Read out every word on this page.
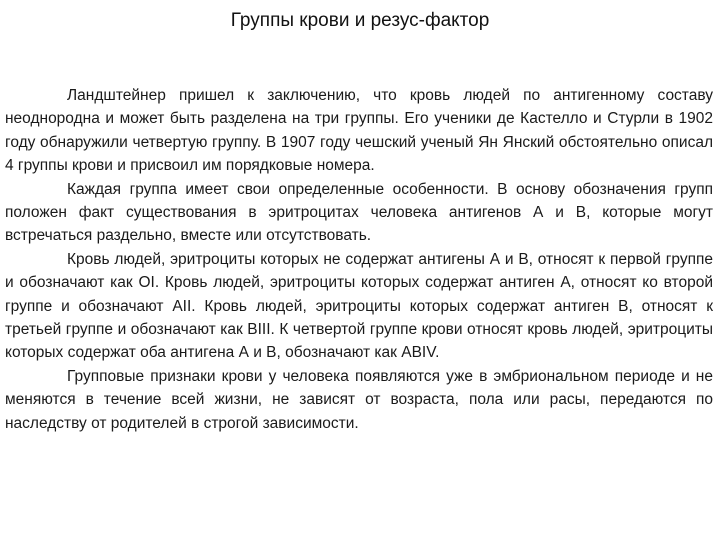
Группы крови и резус-фактор

Ландштейнер пришел к заключению, что кровь людей по антигенному составу неоднородна и может быть разделена на три группы. Его ученики де Кастелло и Стурли в 1902 году обнаружили четвертую группу. В 1907 году чешский ученый Ян Янский обстоятельно описал 4 группы крови и присвоил им порядковые номера.

Каждая группа имеет свои определенные особенности. В основу обозначения групп положен факт существования в эритроцитах человека антигенов А и В, которые могут встречаться раздельно, вместе или отсутствовать.

Кровь людей, эритроциты которых не содержат антигены А и В, относят к первой группе и обозначают как OI. Кровь людей, эритроциты которых содержат антиген А, относят ко второй группе и обозначают AII. Кровь людей, эритроциты которых содержат антиген В, относят к третьей группе и обозначают как BIII. К четвертой группе крови относят кровь людей, эритроциты которых содержат оба антигена А и В, обозначают как ABIV.

Групповые признаки крови у человека появляются уже в эмбриональном периоде и не меняются в течение всей жизни, не зависят от возраста, пола или расы, передаются по наследству от родителей в строгой зависимости.
